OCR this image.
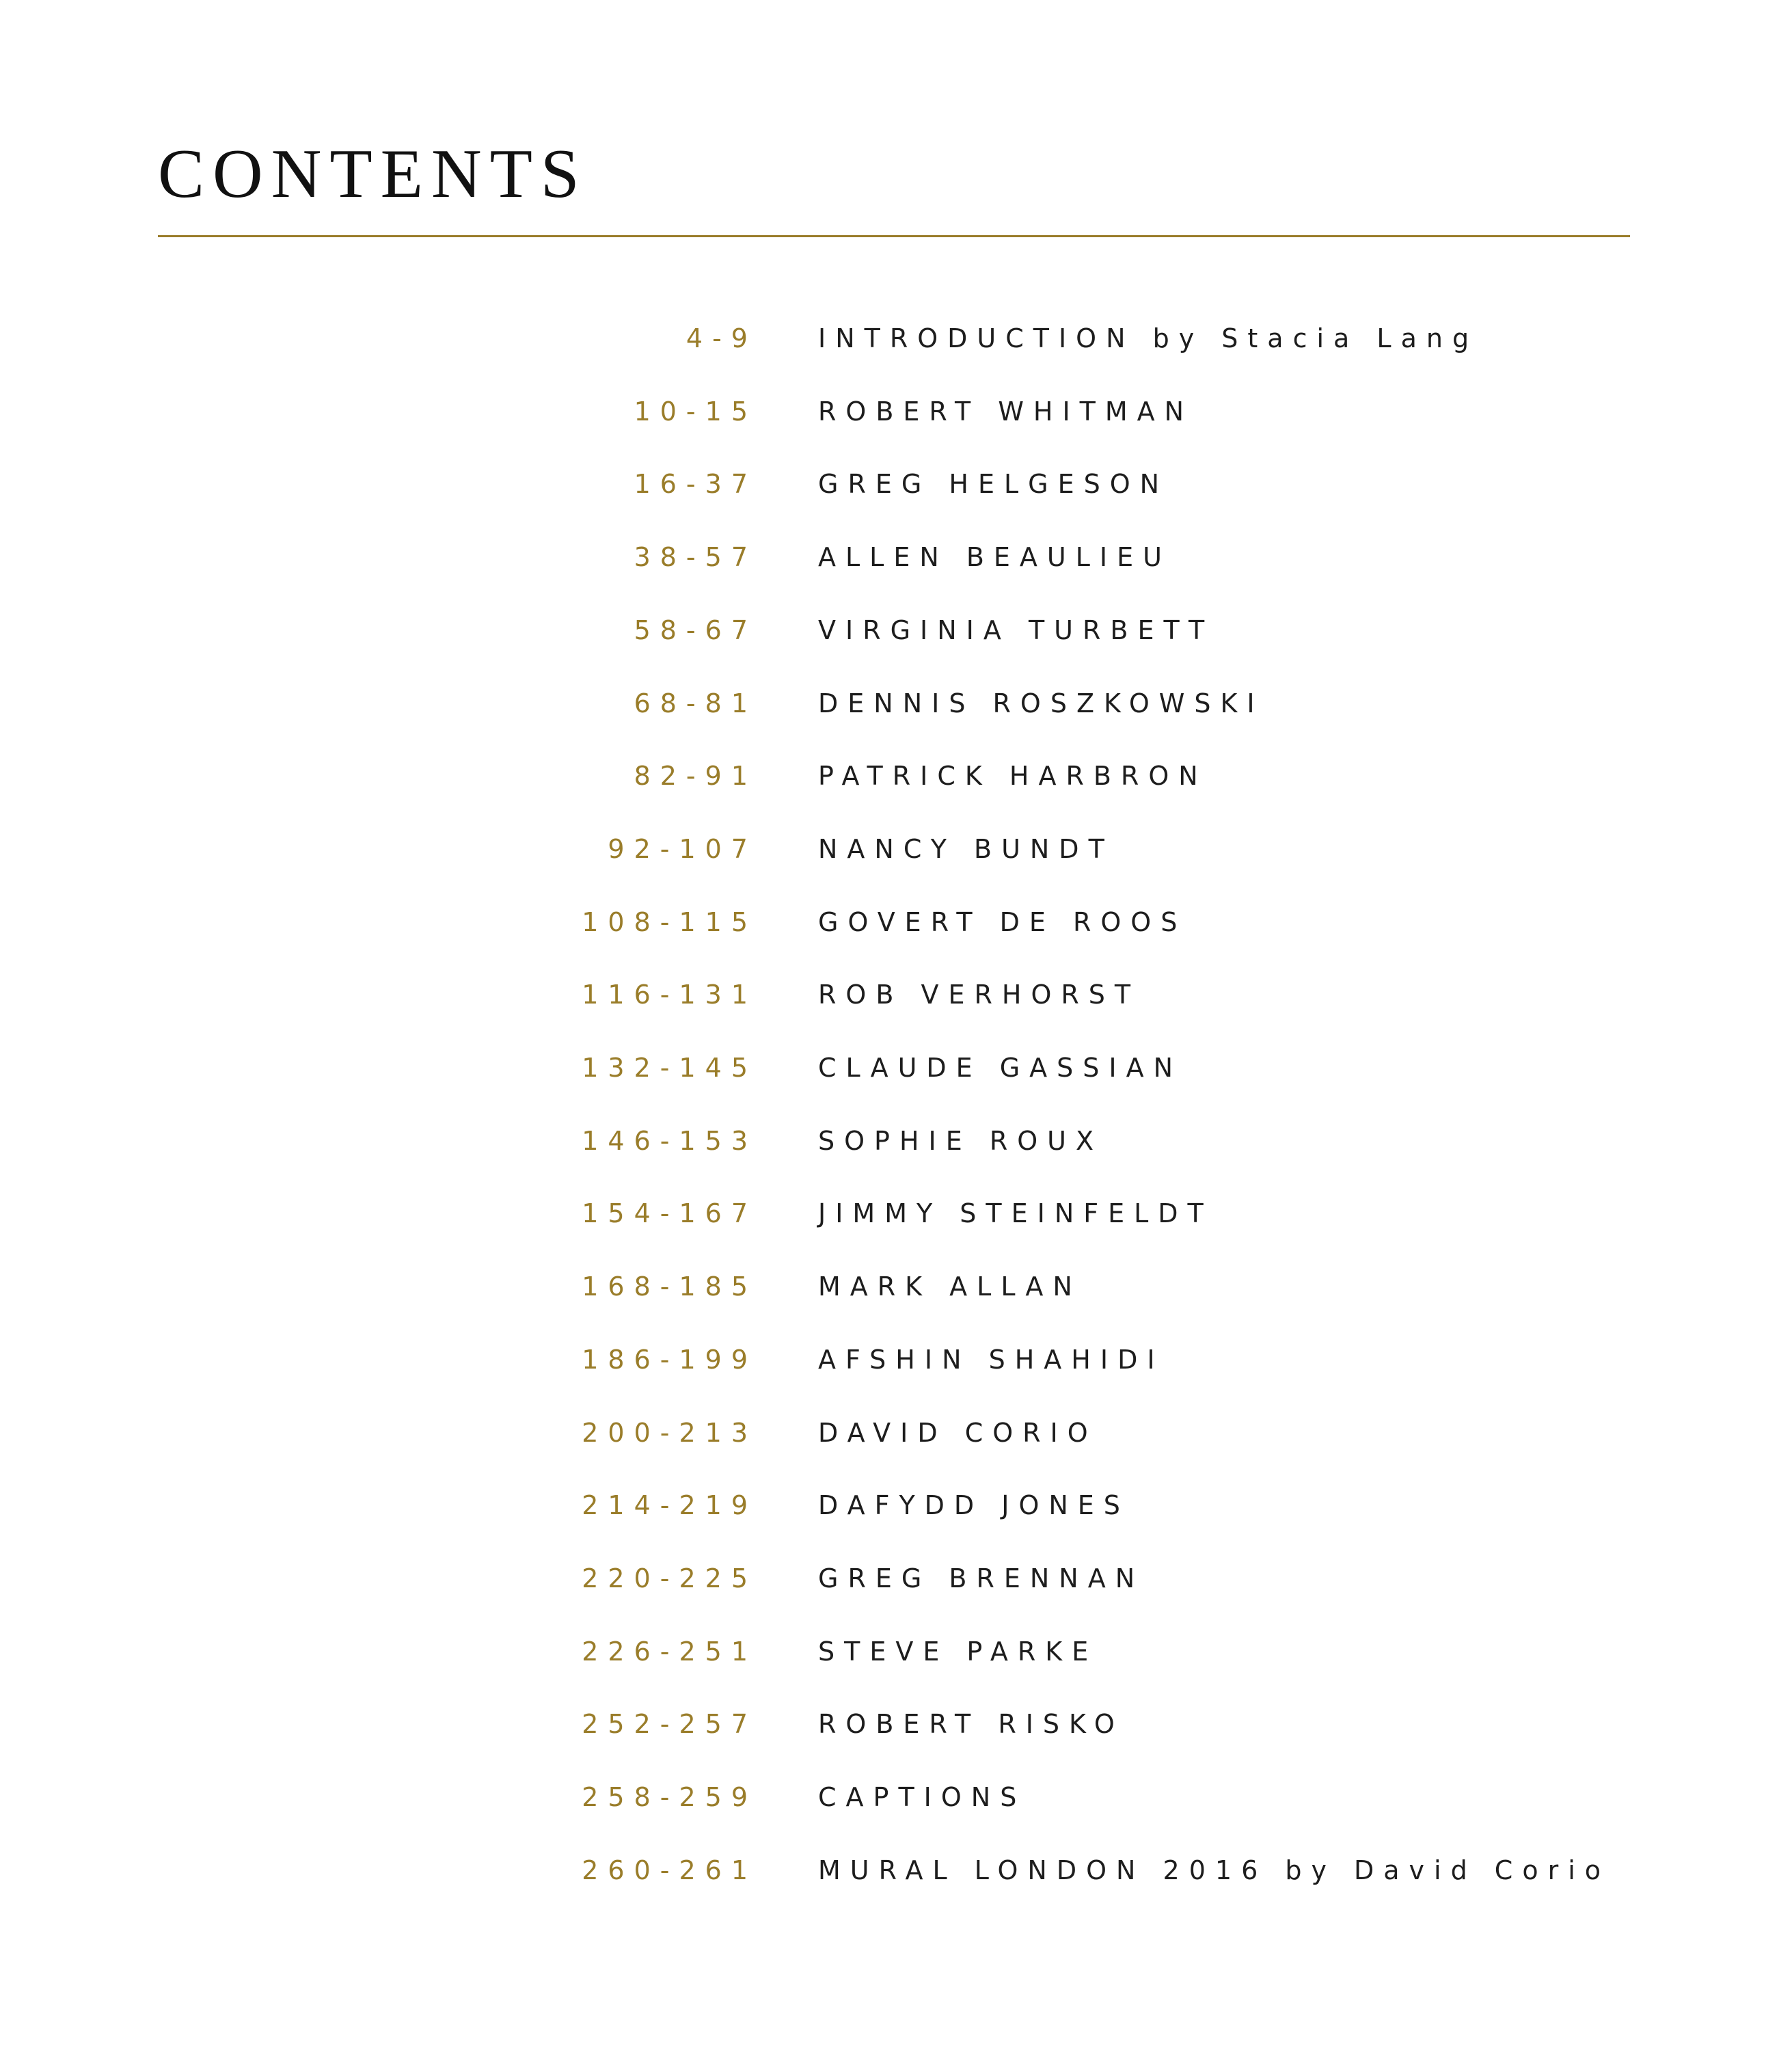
CONTENTS
4-9 INTRODUCTION by Stacia Lang
10-15 ROBERT WHITMAN
16-37 GREG HELGESON
38-57 ALLEN BEAULIEU
58-67 VIRGINIA TURBETT
68-81 DENNIS ROSZKOWSKI
82-91 PATRICK HARBRON
92-107 NANCY BUNDT
108-115 GOVERT DE ROOS
116-131 ROB VERHORST
132-145 CLAUDE GASSIAN
146-153 SOPHIE ROUX
154-167 JIMMY STEINFELDT
168-185 MARK ALLAN
186-199 AFSHIN SHAHIDI
200-213 DAVID CORIO
214-219 DAFYDD JONES
220-225 GREG BRENNAN
226-251 STEVE PARKE
252-257 ROBERT RISKO
258-259 CAPTIONS
260-261 MURAL LONDON 2016 by David Corio
